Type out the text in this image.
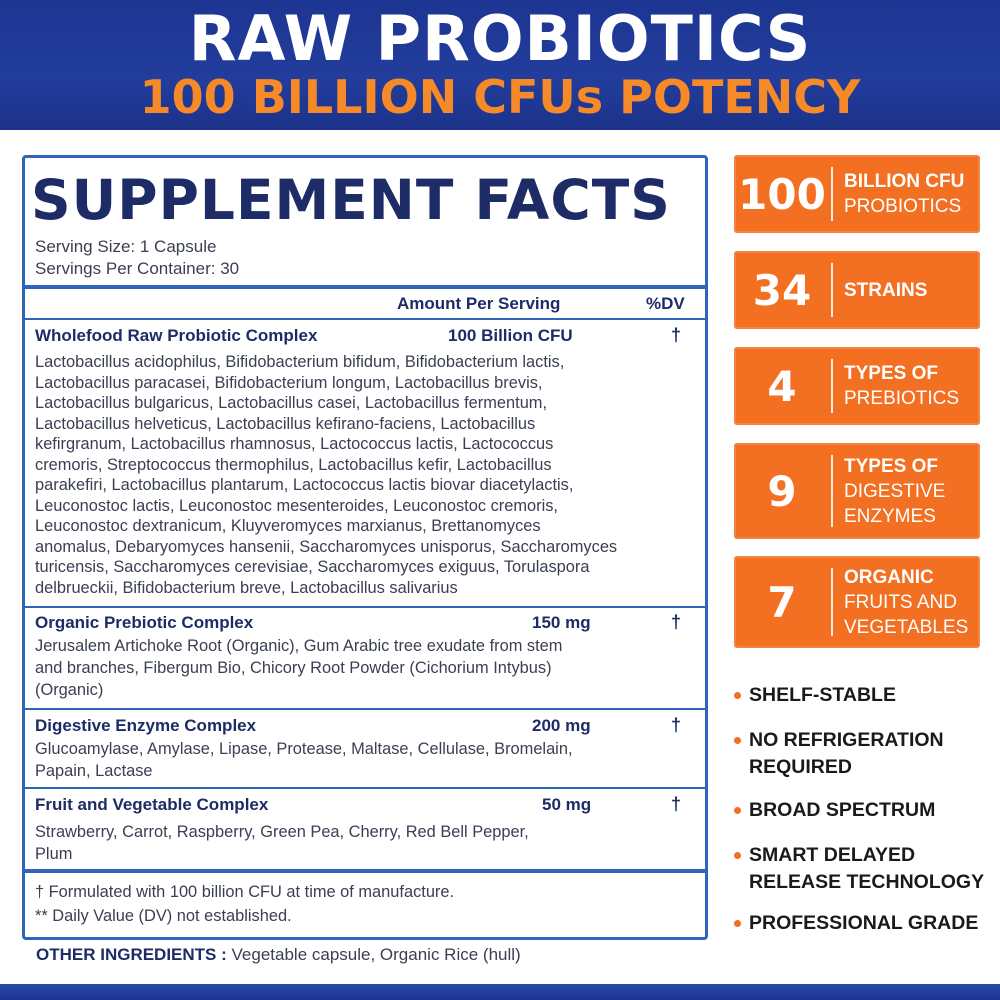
RAW PROBIOTICS
100 BILLION CFUs POTENCY
SUPPLEMENT FACTS
Serving Size: 1 Capsule
Servings Per Container: 30
Amount Per Serving	%DV
Wholefood Raw Probiotic Complex	100 Billion CFU	†
Lactobacillus acidophilus, Bifidobacterium bifidum, Bifidobacterium lactis,
Lactobacillus paracasei, Bifidobacterium longum, Lactobacillus brevis,
Lactobacillus bulgaricus, Lactobacillus casei, Lactobacillus fermentum,
Lactobacillus helveticus, Lactobacillus kefirano-faciens, Lactobacillus
kefirgranum, Lactobacillus rhamnosus, Lactococcus lactis, Lactococcus
cremoris, Streptococcus thermophilus, Lactobacillus kefir, Lactobacillus
parakefiri, Lactobacillus plantarum, Lactococcus lactis biovar diacetylactis,
Leuconostoc lactis, Leuconostoc mesenteroides, Leuconostoc cremoris,
Leuconostoc dextranicum, Kluyveromyces marxianus, Brettanomyces
anomalus, Debaryomyces hansenii, Saccharomyces unisporus, Saccharomyces
turicensis, Saccharomyces cerevisiae, Saccharomyces exiguus, Torulaspora
delbrueckii, Bifidobacterium breve, Lactobacillus salivarius
Organic Prebiotic Complex	150 mg	†
Jerusalem Artichoke Root (Organic), Gum Arabic tree exudate from stem
and branches, Fibergum Bio, Chicory Root Powder (Cichorium Intybus)
(Organic)
Digestive Enzyme Complex	200 mg	†
Glucoamylase, Amylase, Lipase, Protease, Maltase, Cellulase, Bromelain,
Papain, Lactase
Fruit and Vegetable Complex	50 mg	†
Strawberry, Carrot, Raspberry, Green Pea, Cherry, Red Bell Pepper,
Plum
† Formulated with 100 billion CFU at time of manufacture.
** Daily Value (DV) not established.
OTHER INGREDIENTS : Vegetable capsule, Organic Rice (hull)
100 BILLION CFU
PROBIOTICS
34	STRAINS
4	TYPES OF
PREBIOTICS
9
TYPES OF
DIGESTIVE ENZYMES
7
ORGANIC
FRUITS AND VEGETABLES
SHELF-STABLE
NO REFRIGERATION
REQUIRED
BROAD SPECTRUM
SMART DELAYED
RELEASE TECHNOLOGY
PROFESSIONAL GRADE
